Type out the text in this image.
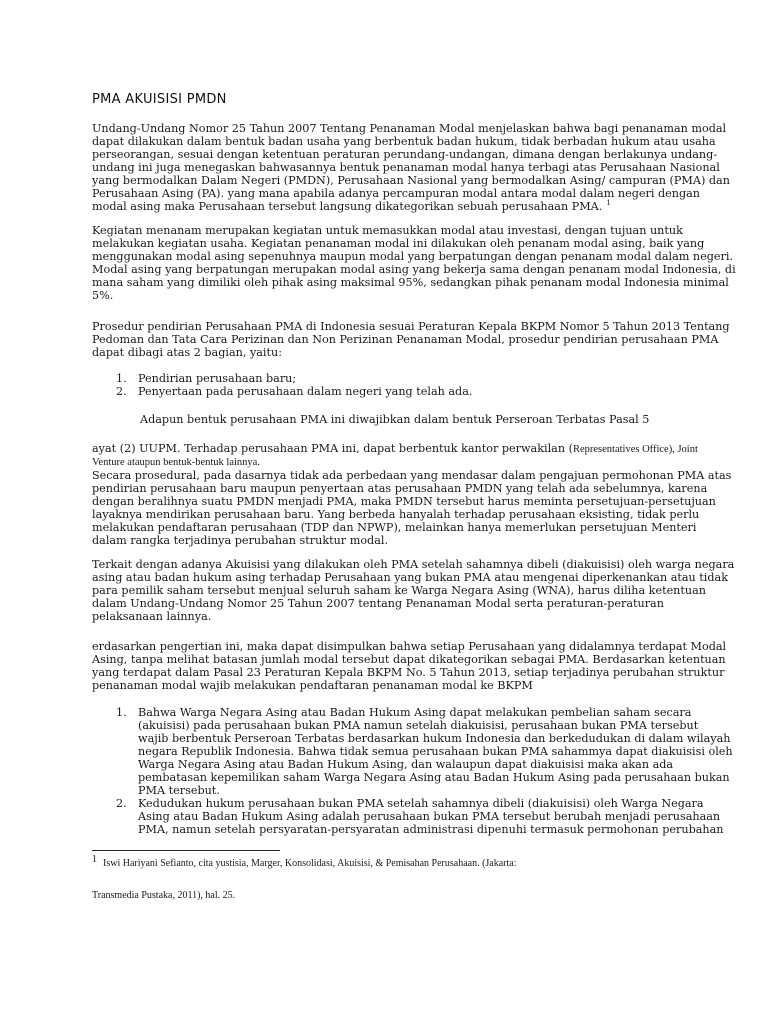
PMA AKUISISI PMDN
Undang-Undang Nomor 25 Tahun 2007 Tentang Penanaman Modal menjelaskan bahwa bagi penanaman modal
dapat dilakukan dalam bentuk badan usaha yang berbentuk badan hukum, tidak berbadan hukum atau usaha
perseorangan, sesuai dengan ketentuan peraturan perundang-undangan, dimana dengan berlakunya undang-
undang ini juga menegaskan bahwasannya bentuk penanaman modal hanya terbagi atas Perusahaan Nasional
yang bermodalkan Dalam Negeri (PMDN), Perusahaan Nasional yang bermodalkan Asing/ campuran (PMA) dan
Perusahaan Asing (PA). yang mana apabila adanya percampuran modal antara modal dalam negeri dengan
modal asing maka Perusahaan tersebut langsung dikategorikan sebuah perusahaan PMA. $^1$
Kegiatan menanam merupakan kegiatan untuk memasukkan modal atau investasi, dengan tujuan untuk
melakukan kegiatan usaha. Kegiatan penanaman modal ini dilakukan oleh penanam modal asing, baik yang
menggunakan modal asing sepenuhnya maupun modal yang berpatungan dengan penanam modal dalam negeri.
Modal asing yang berpatungan merupakan modal asing yang bekerja sama dengan penanam modal Indonesia, di
mana saham yang dimiliki oleh pihak asing maksimal 95%, sedangkan pihak penanam modal Indonesia minimal
5%.
Prosedur pendirian Perusahaan PMA di Indonesia sesuai Peraturan Kepala BKPM Nomor 5 Tahun 2013 Tentang
Pedoman dan Tata Cara Perizinan dan Non Perizinan Penanaman Modal, prosedur pendirian perusahaan PMA
dapat dibagi atas 2 bagian, yaitu:
1. Pendirian perusahaan baru;
2. Penyertaan pada perusahaan dalam negeri yang telah ada.
Adapun bentuk perusahaan PMA ini diwajibkan dalam bentuk Perseroan Terbatas Pasal 5
ayat (2) UUPM. Terhadap perusahaan PMA ini, dapat berbentuk kantor perwakilan (Representatives Office), Joint
Venture ataupun bentuk-bentuk lainnya.
Secara prosedural, pada dasarnya tidak ada perbedaan yang mendasar dalam pengajuan permohonan PMA atas
pendirian perusahaan baru maupun penyertaan atas perusahaan PMDN yang telah ada sebelumnya, karena
dengan beralihnya suatu PMDN menjadi PMA, maka PMDN tersebut harus meminta persetujuan-persetujuan
layaknya mendirikan perusahaan baru. Yang berbeda hanyalah terhadap perusahaan eksisting, tidak perlu
melakukan pendaftaran perusahaan (TDP dan NPWP), melainkan hanya memerlukan persetujuan Menteri
dalam rangka terjadinya perubahan struktur modal.
Terkait dengan adanya Akuisisi yang dilakukan oleh PMA setelah sahamnya dibeli (diakuisisi) oleh warga negara
asing atau badan hukum asing terhadap Perusahaan yang bukan PMA atau mengenai diperkenankan atau tidak
para pemilik saham tersebut menjual seluruh saham ke Warga Negara Asing (WNA), harus diliha ketentuan
dalam Undang-Undang Nomor 25 Tahun 2007 tentang Penanaman Modal serta peraturan-peraturan
pelaksanaan lainnya.
erdasarkan pengertian ini, maka dapat disimpulkan bahwa setiap Perusahaan yang didalamnya terdapat Modal
Asing, tanpa melihat batasan jumlah modal tersebut dapat dikategorikan sebagai PMA. Berdasarkan ketentuan
yang terdapat dalam Pasal 23 Peraturan Kepala BKPM No. 5 Tahun 2013, setiap terjadinya perubahan struktur
penanaman modal wajib melakukan pendaftaran penanaman modal ke BKPM
1. Bahwa Warga Negara Asing atau Badan Hukum Asing dapat melakukan pembelian saham secara
(akuisisi) pada perusahaan bukan PMA namun setelah diakuisisi, perusahaan bukan PMA tersebut
wajib berbentuk Perseroan Terbatas berdasarkan hukum Indonesia dan berkedudukan di dalam wilayah
negara Republik Indonesia. Bahwa tidak semua perusahaan bukan PMA sahammya dapat diakuisisi oleh
Warga Negara Asing atau Badan Hukum Asing, dan walaupun dapat diakuisisi maka akan ada
pembatasan kepemilikan saham Warga Negara Asing atau Badan Hukum Asing pada perusahaan bukan
PMA tersebut.
2. Kedudukan hukum perusahaan bukan PMA setelah sahamnya dibeli (diakuisisi) oleh Warga Negara
Asing atau Badan Hukum Asing adalah perusahaan bukan PMA tersebut berubah menjadi perusahaan
PMA, namun setelah persyaratan-persyaratan administrasi dipenuhi termasuk permohonan perubahan
1 Iswi Hariyani Sefianto, cita yustisia, Marger, Konsolidasi, Akuisisi, & Pemisahan Perusahaan. (Jakarta:
Transmedia Pustaka, 2011), hal. 25.
